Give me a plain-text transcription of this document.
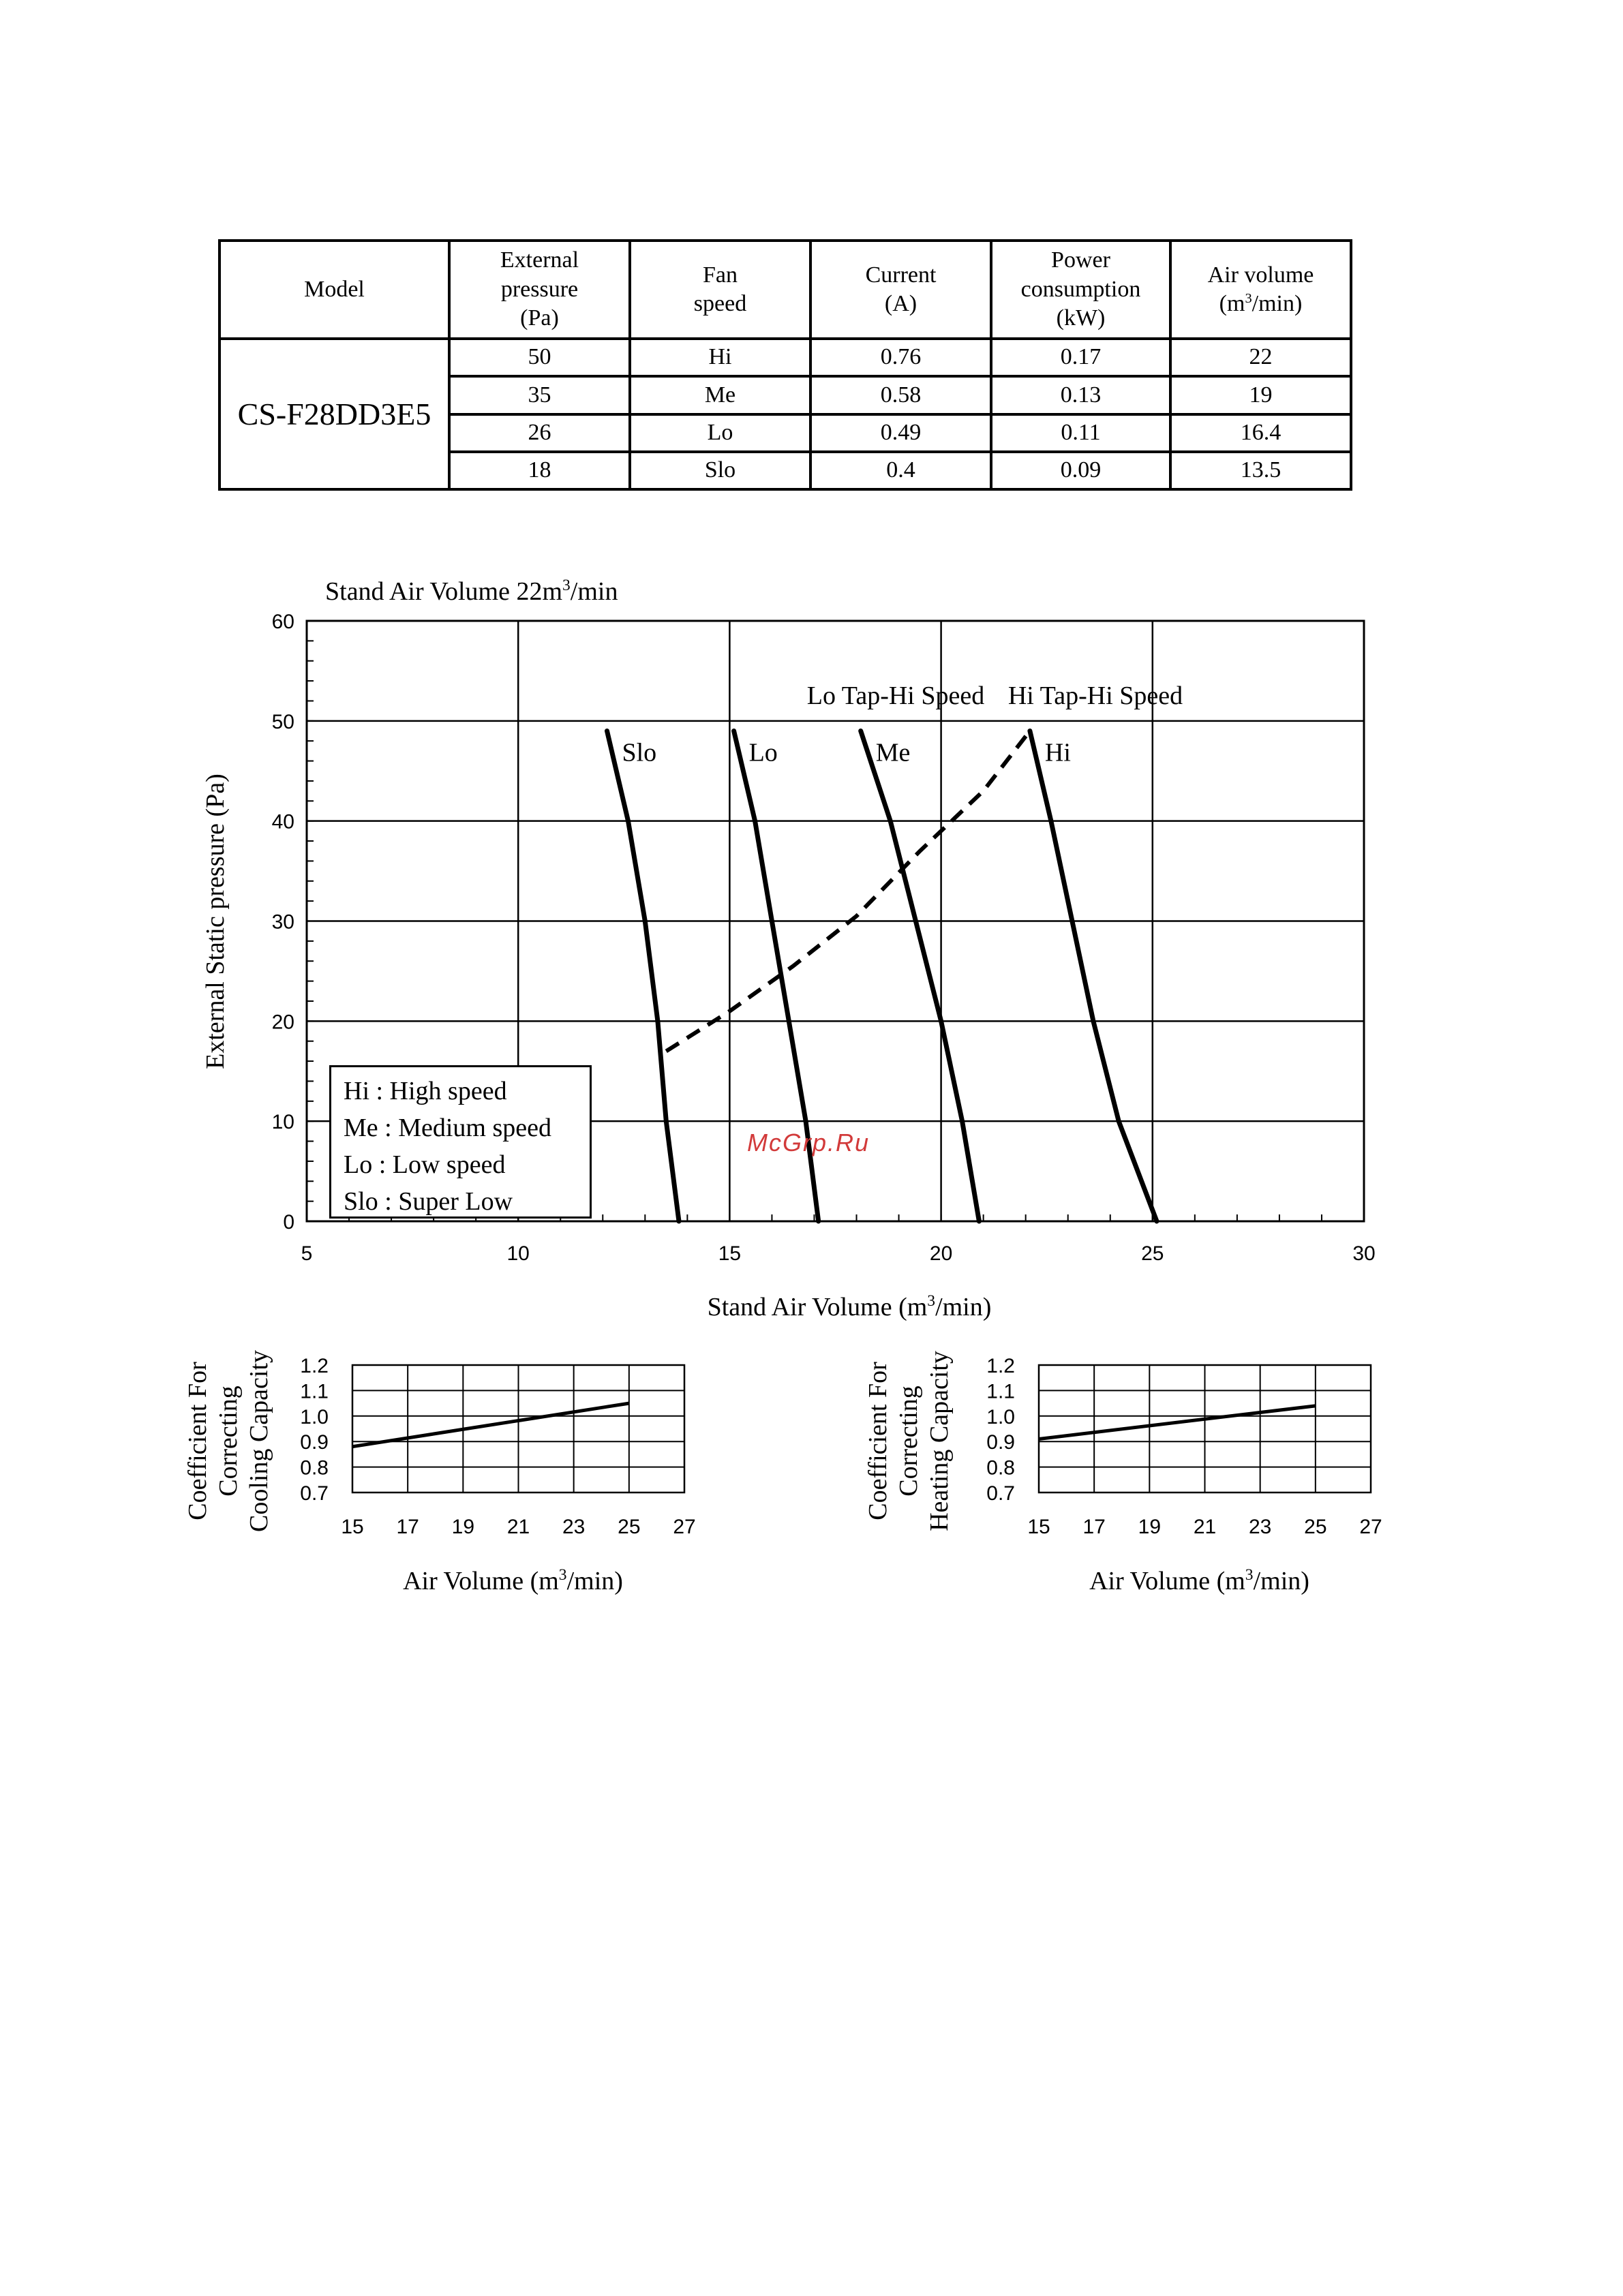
Model	External
pressure
(Pa)	Fan
speed	Current
(A)	Power
consumption
(kW)	Air volume
$(m^3/\min)$
CS-F28DD3E5	50	Hi	0.76	0.17	22
	35	Me	0.58	0.13	19
	26	Lo	0.49	0.11	16.4
	18	Slo	0.4	0.09	13.5
5	10	15	20	25	30
0
10
20
30
40
50
60
Stand Air Volume $22m^3/\min$
Stand Air Volume $(m^3/\min)$
External Static pressure (Pa)
Slo	Lo	Me	Hi
Lo Tap-Hi Speed Hi Tap-Hi Speed
15 17 19 21 23 25 27
0.7
0.8
0.9
1.0
1.1
1.2
Air Volume $(m^3/\min)$
Coefficient For Correcting Cooling Capacity	15 17 19 21 23 25 27
0.7
0.8
0.9
1.0
1.1
1.2
Air Volume $(m^3/\min)$
Coefficient For Correcting Heating Capacity
Hi : High speed
Me : Medium speed
Lo : Low speed
Slo : Super Low
McGrp.Ru
